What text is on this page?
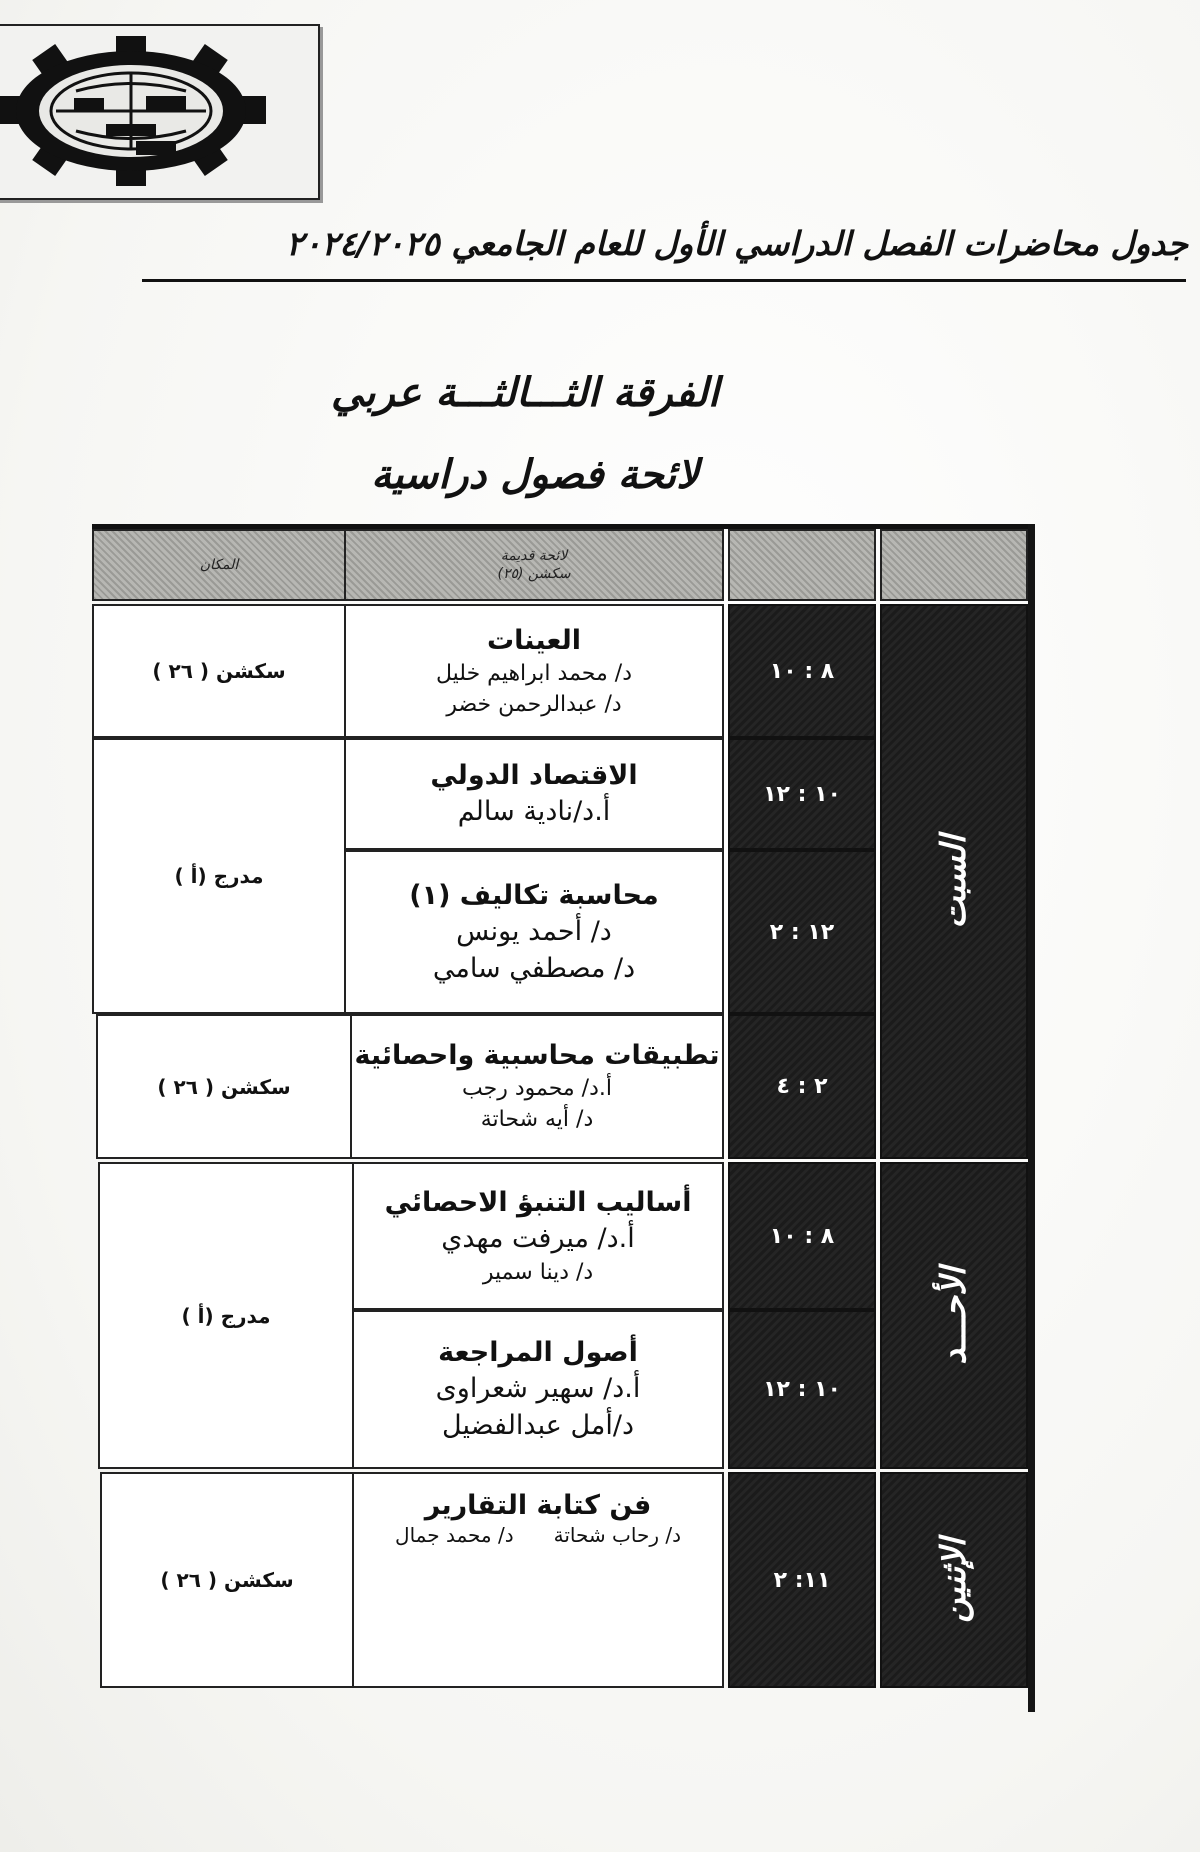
جدول محاضرات الفصل الدراسي الأول للعام الجامعي ٢٠٢٤/٢٠٢٥
الفرقة الثـــالثـــة عربي
لائحة فصول دراسية
المكان
لائحة قديمة
سكشن (٢٥)
السبت
الأحـــد
الإثنين
٨ : ١٠
١٠ : ١٢
١٢ : ٢
٢ : ٤
٨ : ١٠
١٠ : ١٢
١١: ٢
العينات
د/ محمد ابراهيم خليل
د/ عبدالرحمن خضر
الاقتصاد الدولي
أ.د/نادية سالم
محاسبة تكاليف (١)
د/ أحمد يونس
د/ مصطفي سامي
تطبيقات محاسبية واحصائية
أ.د/ محمود رجب
د/ أيه شحاتة
أساليب التنبؤ الاحصائي
أ.د/ ميرفت مهدي
د/ دينا سمير
أصول المراجعة
أ.د/ سهير شعراوى
د/أمل عبدالفضيل
فن كتابة التقارير
د/ رحاب شحاتة
د/ محمد جمال
سكشن ( ٢٦ )
مدرج (أ )
سكشن ( ٢٦ )
مدرج (أ )
سكشن ( ٢٦ )
